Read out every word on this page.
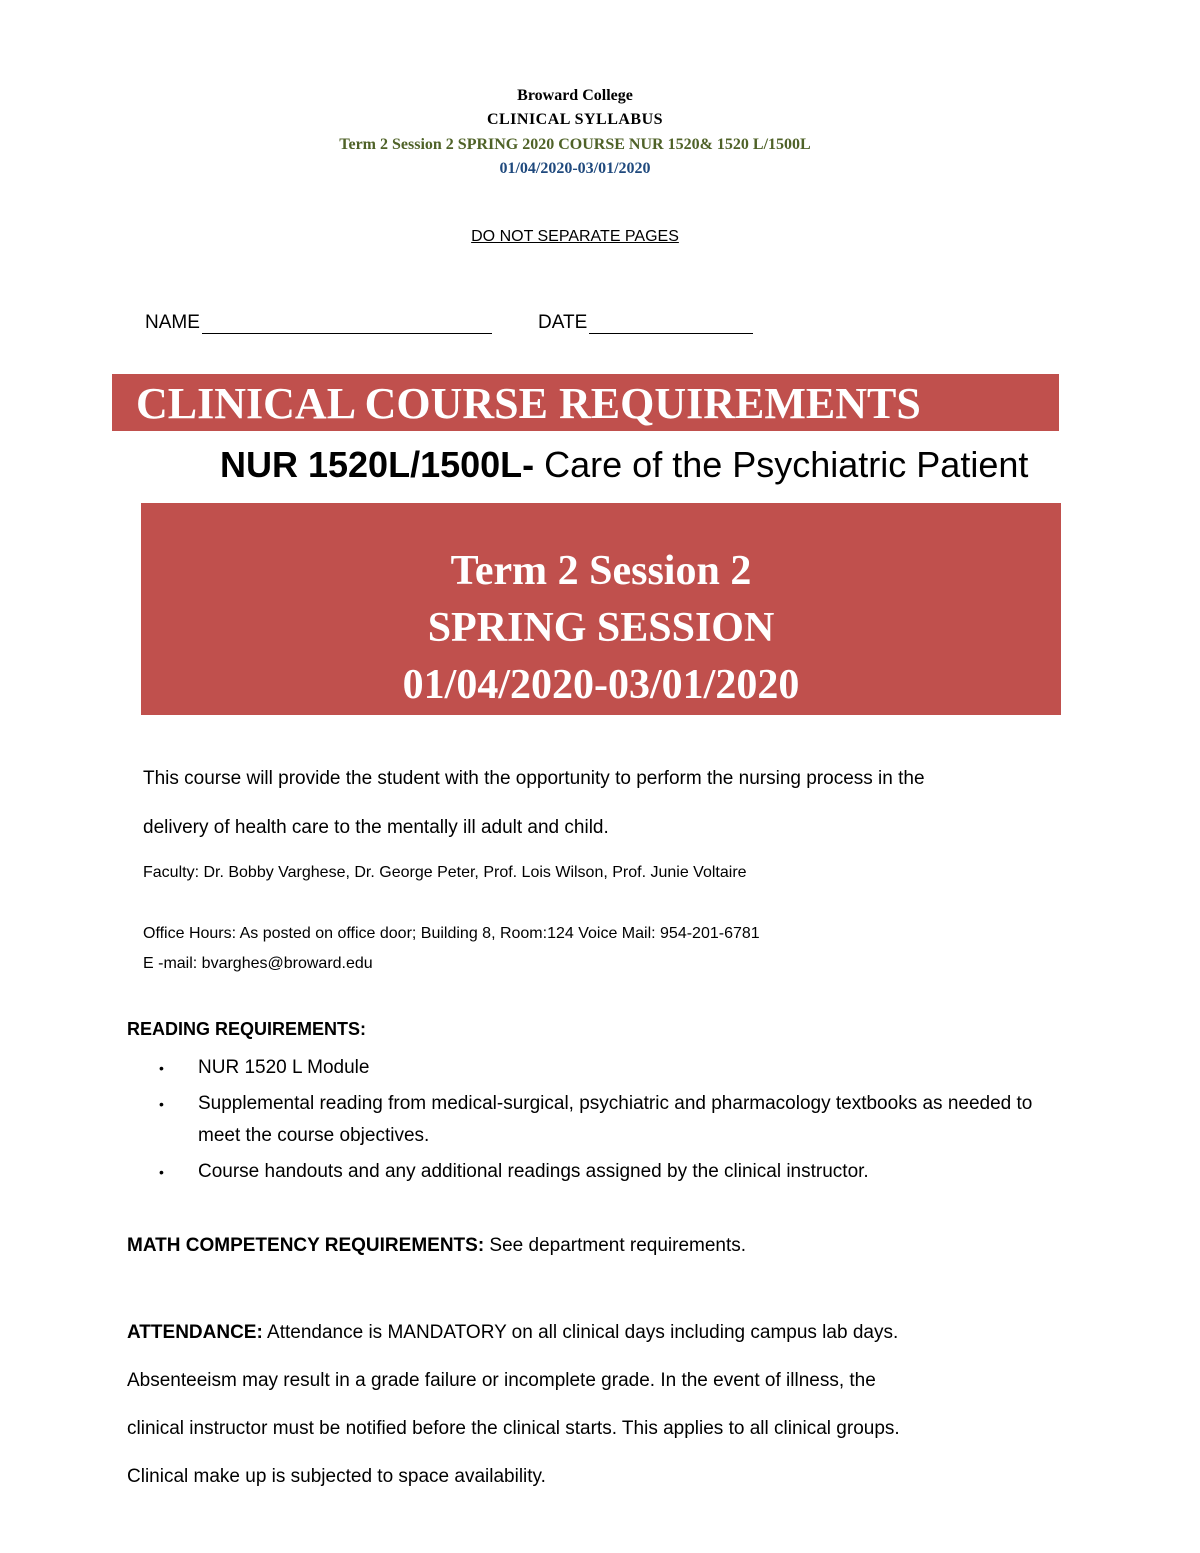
Broward College
CLINICAL SYLLABUS
Term 2 Session 2 SPRING 2020 COURSE NUR 1520& 1520 L/1500L
01/04/2020-03/01/2020
DO NOT SEPARATE PAGES
NAME	DATE
CLINICAL COURSE REQUIREMENTS
NUR 1520L/1500L- Care of the Psychiatric Patient
Term 2 Session 2
SPRING SESSION
01/04/2020-03/01/2020
This course will provide the student with the opportunity to perform the nursing process in the
delivery of health care to the mentally ill adult and child.
Faculty: Dr. Bobby Varghese, Dr. George Peter, Prof. Lois Wilson, Prof. Junie Voltaire
Office Hours: As posted on office door; Building 8, Room:124 Voice Mail: 954-201-6781
E -mail: bvarghes@broward.edu
READING REQUIREMENTS:
• NUR 1520 L Module
• Supplemental reading from medical-surgical, psychiatric and pharmacology textbooks as needed to meet the course objectives.
• Course handouts and any additional readings assigned by the clinical instructor.
MATH COMPETENCY REQUIREMENTS: See department requirements.
ATTENDANCE: Attendance is MANDATORY on all clinical days including campus lab days.
Absenteeism may result in a grade failure or incomplete grade. In the event of illness, the
clinical instructor must be notified before the clinical starts. This applies to all clinical groups.
Clinical make up is subjected to space availability.
